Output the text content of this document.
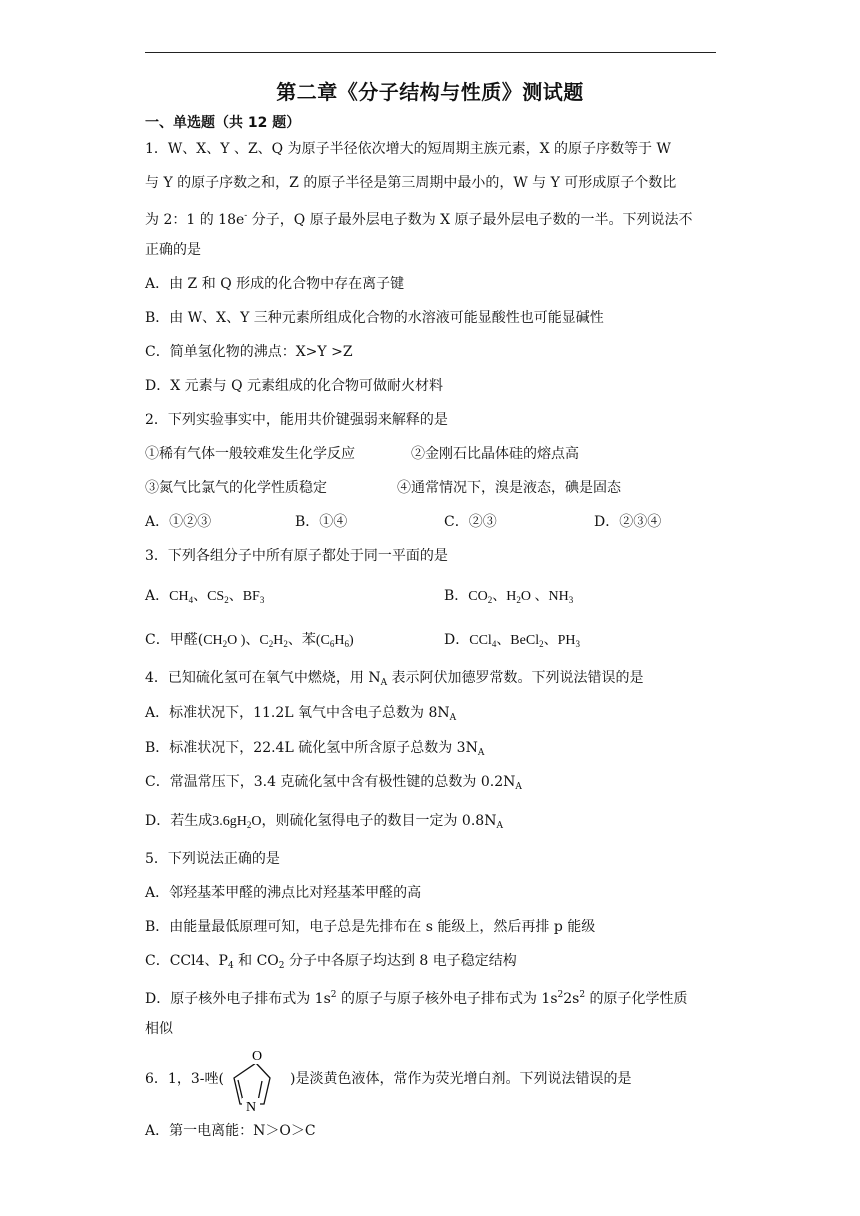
第二章《分子结构与性质》测试题
一、单选题（共 12 题）
1．W、X、Y 、Z、Q 为原子半径依次增大的短周期主族元素，X 的原子序数等于 W
与 Y 的原子序数之和，Z 的原子半径是第三周期中最小的，W 与 Y 可形成原子个数比
为 2：1 的 18e- 分子，Q 原子最外层电子数为 X 原子最外层电子数的一半。下列说法不
正确的是
A．由 Z 和 Q 形成的化合物中存在离子键
B．由 W、X、Y 三种元素所组成化合物的水溶液可能显酸性也可能显碱性
C．简单氢化物的沸点：X>Y >Z
D．X 元素与 Q 元素组成的化合物可做耐火材料
2．下列实验事实中，能用共价键强弱来解释的是
①稀有气体一般较难发生化学反应	②金刚石比晶体硅的熔点高
③氮气比氯气的化学性质稳定	④通常情况下，溴是液态，碘是固态
A．①②③	B．①④	C．②③	D．②③④
3．下列各组分子中所有原子都处于同一平面的是
A．$CH_4$、$CS_2$、$BF_3$	B．$CO_2$、$H_2O$ 、$NH_3$
C．甲醛($CH_2O$ )、$C_2H_2$、苯$(C_6H_6)$	D．CCl$_4$、BeCl$_2$、$PH_3$
4．已知硫化氢可在氧气中燃烧，用 $N_A$ 表示阿伏加德罗常数。下列说法错误的是
A．标准状况下，11.2L 氧气中含电子总数为 $8N_A$
B．标准状况下，22.4L 硫化氢中所含原子总数为 $3N_A$
C．常温常压下，3.4 克硫化氢中含有极性键的总数为 $0.2N_A$
D．若生成$3.6gH_2O$，则硫化氢得电子的数目一定为 $0.8N_A$
5．下列说法正确的是
A．邻羟基苯甲醛的沸点比对羟基苯甲醛的高
B．由能量最低原理可知，电子总是先排布在 s 能级上，然后再排 p 能级
C．CCl4、$P_4$ 和 $CO_2$ 分子中各原子均达到 8 电子稳定结构
D．原子核外电子排布式为 $1s^2$ 的原子与原子核外电子排布式为 $1s^22s^2$ 的原子化学性质
相似
6．1，3-唑(
O
N
)是淡黄色液体，常作为荧光增白剂。下列说法错误的是
A．第一电离能：N＞O＞C
